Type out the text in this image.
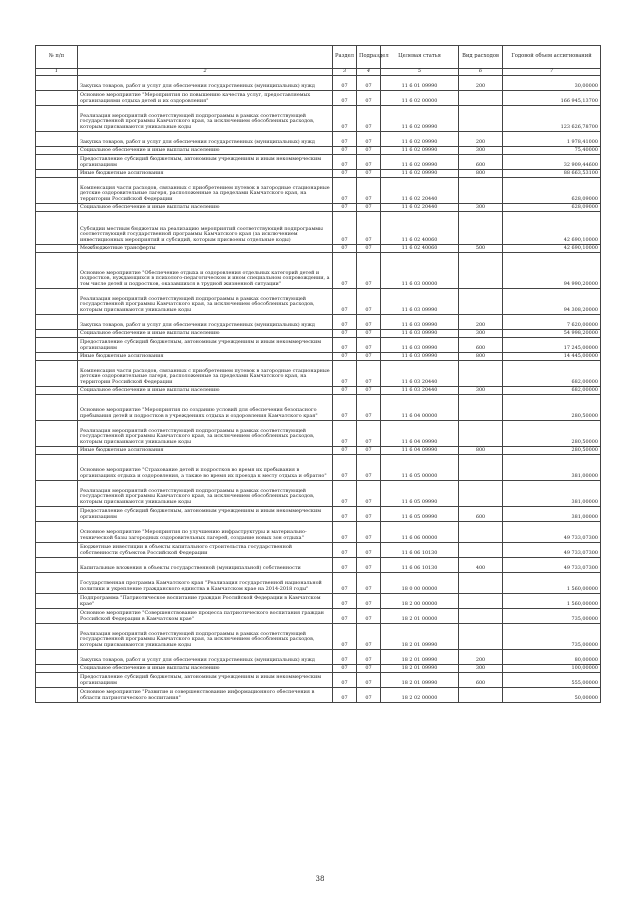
№ п/п		Раздел	Подраздел	Целевая статья	Вид расходов	Годовой объем ассигнований
1	2	3	4	5	6	7
	Закупка товаров, работ и услуг для обеспечения государственных (муниципальных) нужд	07	07	11 6 01 09990	200	30,00000
	Основное мероприятие "Мероприятия по повышению качества услуг, предоставляемых организациями отдыха детей и их оздоровления"	07	07	11 6 02 00000		166 945,13700
	Реализация мероприятий соответствующей подпрограммы в рамках соответствующей государственной программы Камчатского края, за исключением обособленных расходов, которым присваиваются уникальные коды	07	07	11 6 02 09990		123 626,78700
	Закупка товаров, работ и услуг для обеспечения государственных (муниципальных) нужд	07	07	11 6 02 09990	200	1 978,41000
	Социальное обеспечение и иные выплаты населению	07	07	11 6 02 09990	300	75,40000
	Предоставление субсидий бюджетным, автономным учреждениям и иным некоммерческим организациям	07	07	11 6 02 09990	600	32 909,44600
	Иные бюджетные ассигнования	07	07	11 6 02 09990	800	88 663,53100
	Компенсация части расходов, связанных с приобретением путевок в загородные стационарные детские оздоровительные лагеря, расположенные за пределами Камчатского края, на территории Российской Федерации	07	07	11 6 02 20440		628,09000
	Социальное обеспечение и иные выплаты населению	07	07	11 6 02 20440	300	628,09000
	Субсидии местным бюджетам на реализацию мероприятий соответствующей подпрограммы соответствующей государственной программы Камчатского края (за исключением инвестиционных мероприятий и субсидий, которым присвоены отдельные коды)	07	07	11 6 02 40060		42 690,10000
	Межбюджетные трансферты	07	07	11 6 02 40060	500	42 690,10000
	Основное мероприятие "Обеспечение отдыха и оздоровления отдельных категорий детей и подростков, нуждающихся в психолого-педагогическом и ином специальном сопровождении, а том числе детей и подростков, оказавшихся в трудной жизненной ситуации"	07	07	11 6 03 00000		94 990,20000
	Реализация мероприятий соответствующей подпрограммы в рамках соответствующей государственной программы Камчатского края, за исключением обособленных расходов, которым присваиваются уникальные коды	07	07	11 6 03 09990		94 308,20000
	Закупка товаров, работ и услуг для обеспечения государственных (муниципальных) нужд	07	07	11 6 03 09990	200	7 620,00000
	Социальное обеспечение и иные выплаты населению	07	07	11 6 03 09990	300	54 998,20000
	Предоставление субсидий бюджетным, автономным учреждениям и иным некоммерческим организациям	07	07	11 6 03 09990	600	17 245,00000
	Иные бюджетные ассигнования	07	07	11 6 03 09990	800	14 445,00000
	Компенсация части расходов, связанных с приобретением путевок в загородные стационарные детские оздоровительные лагеря, расположенные за пределами Камчатского края, на территории Российской Федерации	07	07	11 6 03 20440		682,00000
	Социальное обеспечение и иные выплаты населению	07	07	11 6 03 20440	300	682,00000
	Основное мероприятие "Мероприятия по созданию условий для обеспечения безопасного пребывания детей и подростков в учреждениях отдыха и оздоровления Камчатского края"	07	07	11 6 04 00000		280,50000
	Реализация мероприятий соответствующей подпрограммы в рамках соответствующей государственной программы Камчатского края, за исключением обособленных расходов, которым присваиваются уникальные коды	07	07	11 6 04 09990		280,50000
	Иные бюджетные ассигнования	07	07	11 6 04 09990	800	280,50000
	Основное мероприятие "Страхование детей и подростков во время их пребывания в организациях отдыха и оздоровления, а также во время их проезда к месту отдыха и обратно"	07	07	11 6 05 00000		381,00000
	Реализация мероприятий соответствующей подпрограммы в рамках соответствующей государственной программы Камчатского края, за исключением обособленных расходов, которым присваиваются уникальные коды	07	07	11 6 05 09990		381,00000
	Предоставление субсидий бюджетным, автономным учреждениям и иным некоммерческим организациям	07	07	11 6 05 09990	600	381,00000
	Основное мероприятие "Мероприятия по улучшению инфраструктуры и материально-технической базы загородных оздоровительных лагерей, создание новых зон отдыха"	07	07	11 6 06 00000		49 733,07300
	Бюджетные инвестиции в объекты капитального строительства государственной собственности субъектов Российской Федерации	07	07	11 6 06 10130		49 733,07300
	Капитальные вложения в объекты государственной (муниципальной) собственности	07	07	11 6 06 10130	400	49 733,07300
	Государственная программа Камчатского края "Реализация государственной национальной политики и укрепление гражданского единства в Камчатском крае на 2014-2018 годы"	07	07	18 0 00 00000		1 560,00000
	Подпрограмма "Патриотическое воспитание граждан Российской Федерации в Камчатском крае"	07	07	18 2 00 00000		1 560,00000
	Основное мероприятие "Совершенствование процесса патриотического воспитания граждан Российской Федерации в Камчатском крае"	07	07	18 2 01 00000		735,00000
	Реализация мероприятий соответствующей подпрограммы в рамках соответствующей государственной программы Камчатского края, за исключением обособленных расходов, которым присваиваются уникальные коды	07	07	18 2 01 09990		735,00000
	Закупка товаров, работ и услуг для обеспечения государственных (муниципальных) нужд	07	07	18 2 01 09990	200	80,00000
	Социальное обеспечение и иные выплаты населению	07	07	18 2 01 09990	300	100,00000
	Предоставление субсидий бюджетным, автономным учреждениям и иным некоммерческим организациям	07	07	18 2 01 09990	600	555,00000
	Основное мероприятие "Развитие и совершенствование информационного обеспечения в области патриотического воспитания"	07	07	18 2 02 00000		50,00000
38
